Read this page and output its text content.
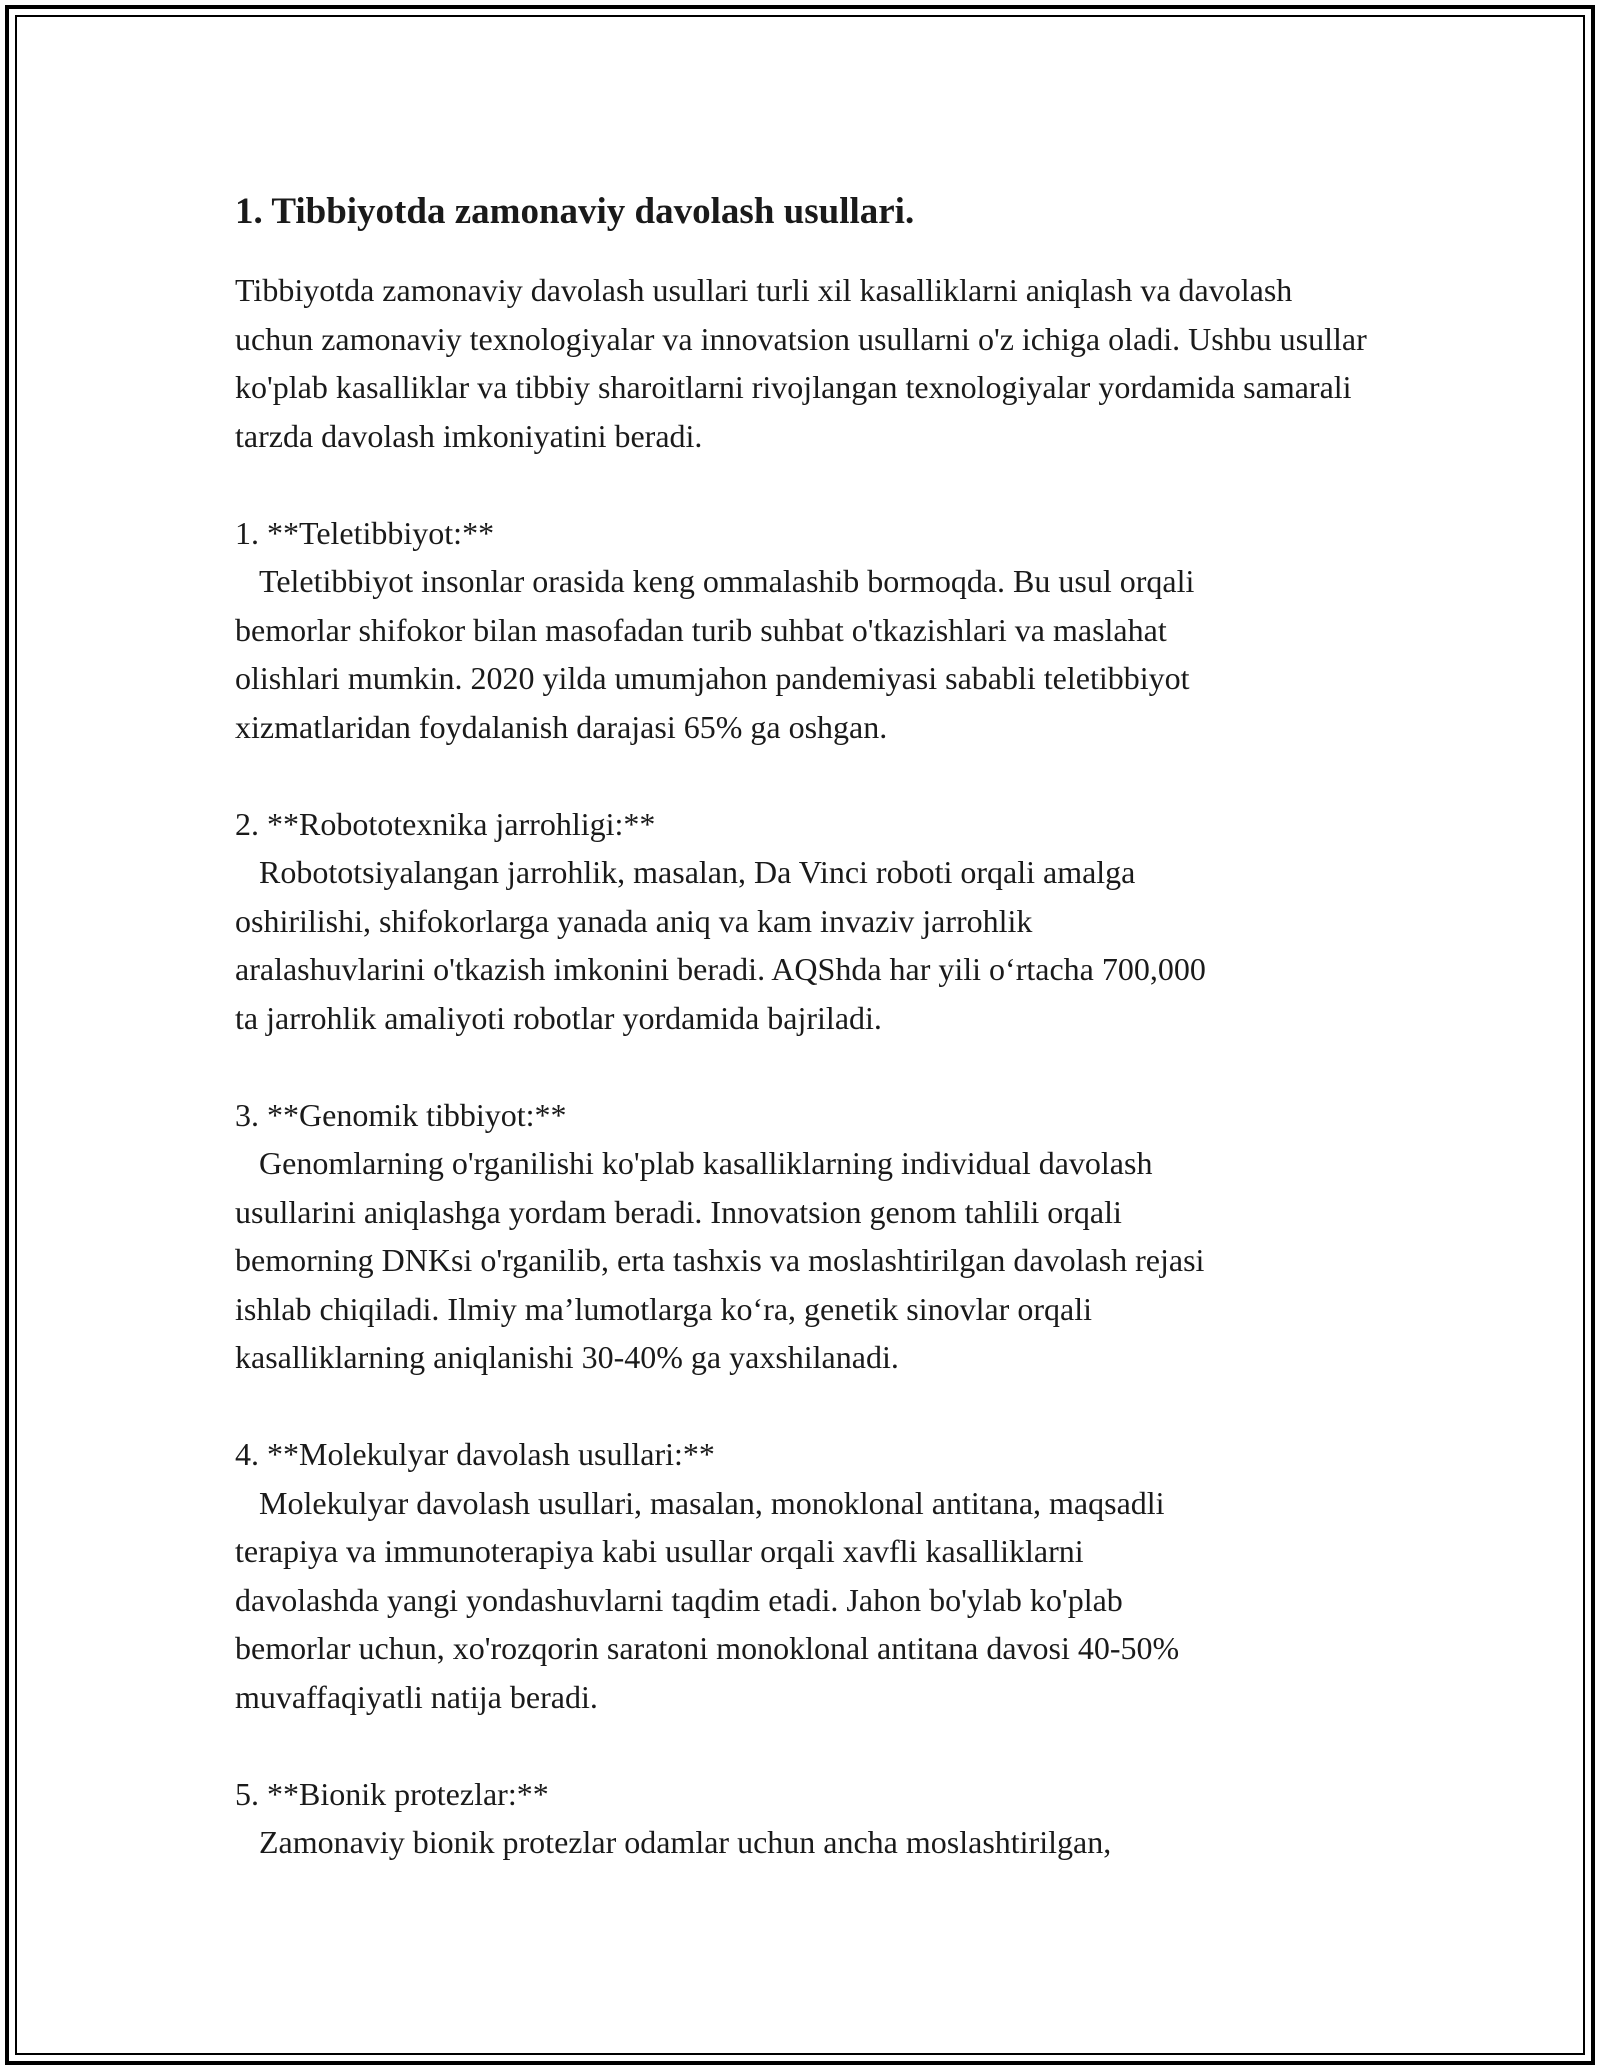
1. Tibbiyotda zamonaviy davolash usullari.

Tibbiyotda zamonaviy davolash usullari turli xil kasalliklarni aniqlash va davolash uchun zamonaviy texnologiyalar va innovatsion usullarni o'z ichiga oladi. Ushbu usullar ko'plab kasalliklar va tibbiy sharoitlarni rivojlangan texnologiyalar yordamida samarali tarzda davolash imkoniyatini beradi.

1. **Teletibbiyot:**

Teletibbiyot insonlar orasida keng ommalashib bormoqda. Bu usul orqali

bemorlar shifokor bilan masofadan turib suhbat o'tkazishlari va maslahat

olishlari mumkin. 2020 yilda umumjahon pandemiyasi sababli teletibbiyot

xizmatlaridan foydalanish darajasi 65% ga oshgan.

2. **Robototexnika jarrohligi:**

Robototsiyalangan jarrohlik, masalan, Da Vinci roboti orqali amalga

oshirilishi, shifokorlarga yanada aniq va kam invaziv jarrohlik

aralashuvlarini o'tkazish imkonini beradi. AQShda har yili o‘rtacha 700,000

ta jarrohlik amaliyoti robotlar yordamida bajriladi.

3. **Genomik tibbiyot:**

Genomlarning o'rganilishi ko'plab kasalliklarning individual davolash

usullarini aniqlashga yordam beradi. Innovatsion genom tahlili orqali

bemorning DNKsi o'rganilib, erta tashxis va moslashtirilgan davolash rejasi

ishlab chiqiladi. Ilmiy ma’lumotlarga ko‘ra, genetik sinovlar orqali

kasalliklarning aniqlanishi 30-40% ga yaxshilanadi.

4. **Molekulyar davolash usullari:**

Molekulyar davolash usullari, masalan, monoklonal antitana, maqsadli

terapiya va immunoterapiya kabi usullar orqali xavfli kasalliklarni

davolashda yangi yondashuvlarni taqdim etadi. Jahon bo'ylab ko'plab

bemorlar uchun, xo'rozqorin saratoni monoklonal antitana davosi 40-50%

muvaffaqiyatli natija beradi.

5. **Bionik protezlar:**

Zamonaviy bionik protezlar odamlar uchun ancha moslashtirilgan,
